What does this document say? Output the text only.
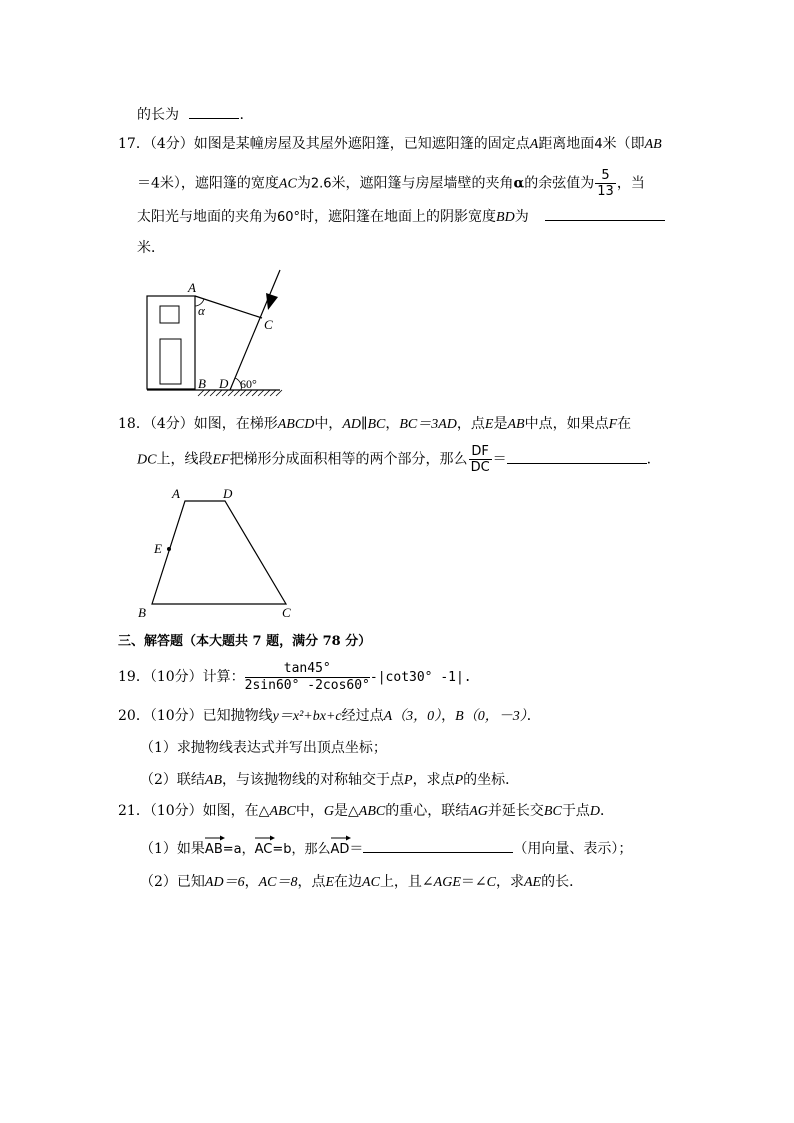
的长为	.
17．（4分）如图是某幢房屋及其屋外遮阳篷，已知遮阳篷的固定点A距离地面4米（即AB
＝4米），遮阳篷的宽度AC为2.6米，遮阳篷与房屋墙壁的夹角α的余弦值为 $\frac{5}{13}$ ，当
太阳光与地面的夹角为60°时，遮阳篷在地面上的阴影宽度BD为
米．
A
α
C
B D 60°
18．（4分）如图，在梯形ABCD中，AD∥BC，BC＝3AD，点E是AB中点，如果点F在
DC上，线段EF把梯形分成面积相等的两个部分，那么 $\frac{DF}{DC}$ ＝	.
A	D
E
B	C
三、解答题（本大题共 7 题，满分 78 分）
19．（10分）计算： $\frac{\tan 45^\circ}{2\sin 60^\circ -2\cos 60^\circ} -|\cot 30^\circ$ -1|.
20．（10分）已知抛物线y＝x²+bx+c经过点A（3，0），B（0，－3）．
（1）求抛物线表达式并写出顶点坐标；
（2）联结AB，与该抛物线的对称轴交于点P，求点P的坐标．
21．（10分）如图，在△ABC中，G是△ABC的重心，联结AG并延长交BC于点D．
（1）如果
AB=a，
AC=b，那么
AD＝	（用向量、表示）；
（2）已知AD＝6，AC＝8，点E在边AC上，且∠AGE＝∠C，求AE的长．
